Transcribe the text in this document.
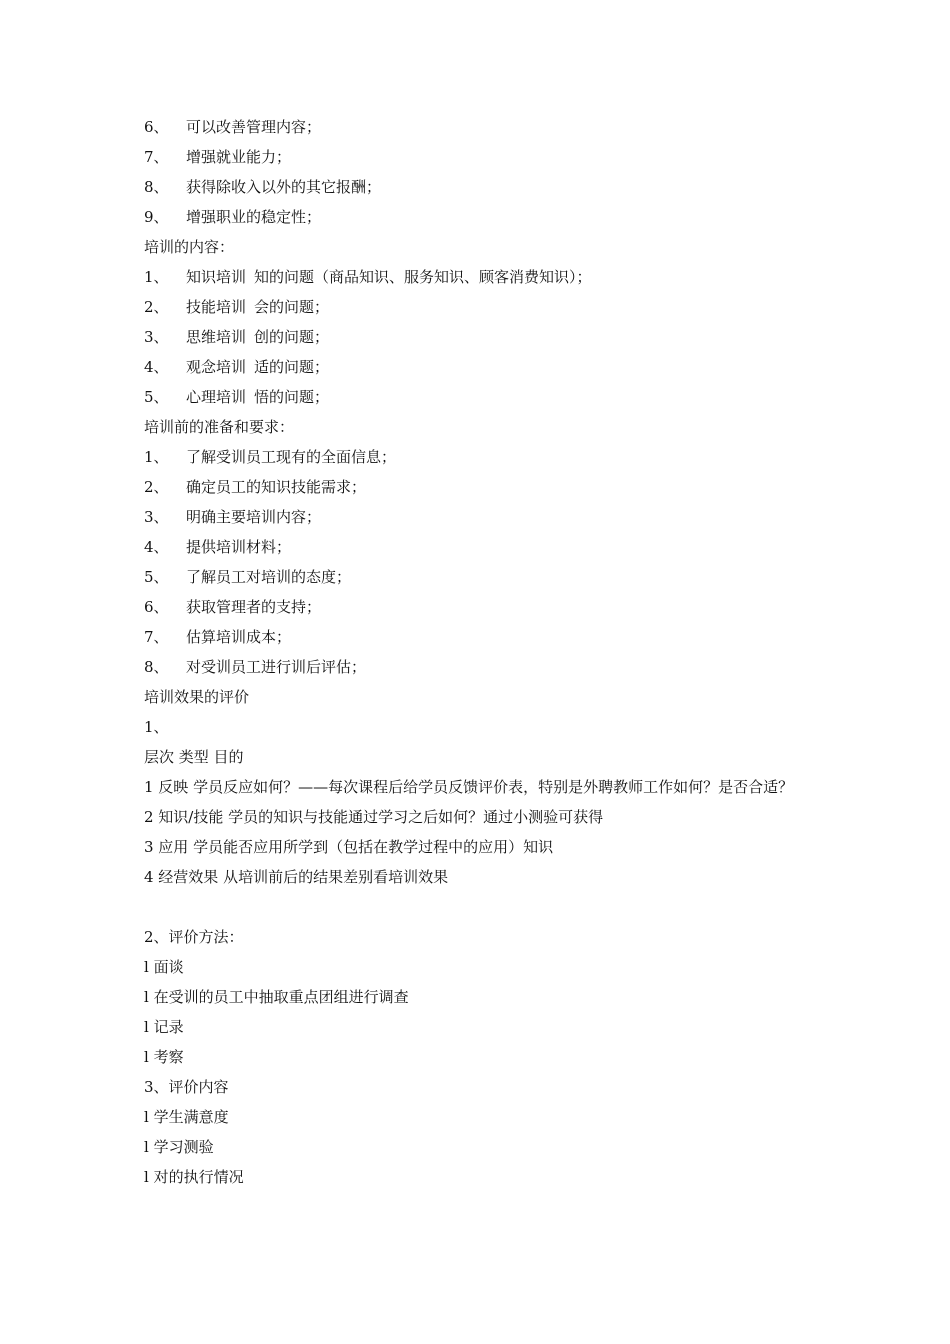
6、 可以改善管理内容；
7、 增强就业能力；
8、 获得除收入以外的其它报酬；
9、 增强职业的稳定性；
培训的内容：
1、 知识培训 知的问题（商品知识、服务知识、顾客消费知识）；
2、 技能培训 会的问题；
3、 思维培训 创的问题；
4、 观念培训 适的问题；
5、 心理培训 悟的问题；
培训前的准备和要求：
1、 了解受训员工现有的全面信息；
2、 确定员工的知识技能需求；
3、 明确主要培训内容；
4、 提供培训材料；
5、 了解员工对培训的态度；
6、 获取管理者的支持；
7、 估算培训成本；
8、 对受训员工进行训后评估；
培训效果的评价
1、
层次 类型 目的
1 反映 学员反应如何？——每次课程后给学员反馈评价表，特别是外聘教师工作如何？是否合适？
2 知识/技能 学员的知识与技能通过学习之后如何？通过小测验可获得
3 应用 学员能否应用所学到（包括在教学过程中的应用）知识
4 经营效果 从培训前后的结果差别看培训效果
2、评价方法：
l 面谈
l 在受训的员工中抽取重点团组进行调查
l 记录
l 考察
3、评价内容
l 学生满意度
l 学习测验
l 对的执行情况
